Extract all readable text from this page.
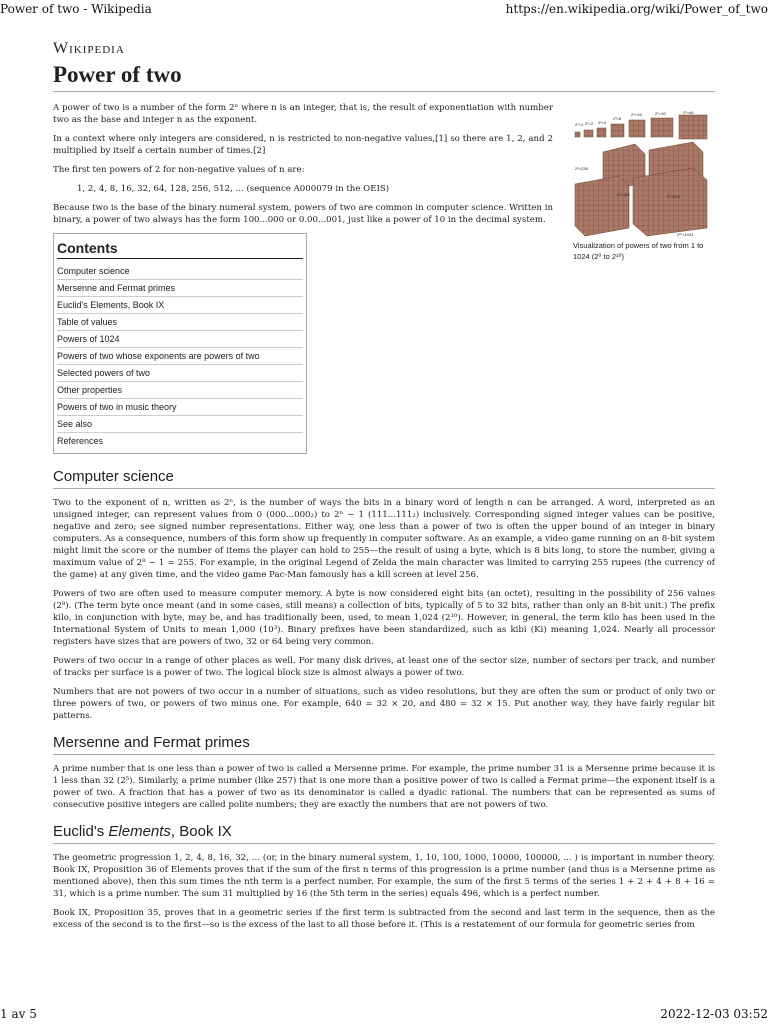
Power of two - Wikipedia	https://en.wikipedia.org/wiki/Power_of_two
Wikipedia
Power of two
2⁰=1 2¹=2 2²=4
2³=8
2⁴=16	2⁵=32	2⁶=64
2⁷=128	2⁹=512
2⁸=256
2¹⁰=1024
Visualization of powers of two from 1 to 1024 (2⁰ to 2¹⁰)

A power of two is a number of the form 2ⁿ where n is an integer, that is, the result of exponentiation with number two as the base and integer n as the exponent.

In a context where only integers are considered, n is restricted to non-negative values,[1] so there are 1, 2, and 2 multiplied by itself a certain number of times.[2]

The first ten powers of 2 for non-negative values of n are:

1, 2, 4, 8, 16, 32, 64, 128, 256, 512, ... (sequence A000079 in the OEIS)

Because two is the base of the binary numeral system, powers of two are common in computer science. Written in binary, a power of two always has the form 100...000 or 0.00...001, just like a power of 10 in the decimal system.

Contents
Computer science
Mersenne and Fermat primes
Euclid's Elements, Book IX
Table of values
Powers of 1024
Powers of two whose exponents are powers of two
Selected powers of two
Other properties
Powers of two in music theory
See also
References
Computer science

Two to the exponent of n, written as 2ⁿ, is the number of ways the bits in a binary word of length n can be arranged. A word, interpreted as an unsigned integer, can represent values from 0 (000...000₂) to 2ⁿ − 1 (111...111₂) inclusively. Corresponding signed integer values can be positive, negative and zero; see signed number representations. Either way, one less than a power of two is often the upper bound of an integer in binary computers. As a consequence, numbers of this form show up frequently in computer software. As an example, a video game running on an 8-bit system might limit the score or the number of items the player can hold to 255—the result of using a byte, which is 8 bits long, to store the number, giving a maximum value of 2⁸ − 1 = 255. For example, in the original Legend of Zelda the main character was limited to carrying 255 rupees (the currency of the game) at any given time, and the video game Pac-Man famously has a kill screen at level 256.

Powers of two are often used to measure computer memory. A byte is now considered eight bits (an octet), resulting in the possibility of 256 values (2⁸). (The term byte once meant (and in some cases, still means) a collection of bits, typically of 5 to 32 bits, rather than only an 8-bit unit.) The prefix kilo, in conjunction with byte, may be, and has traditionally been, used, to mean 1,024 (2¹⁰). However, in general, the term kilo has been used in the International System of Units to mean 1,000 (10³). Binary prefixes have been standardized, such as kibi (Ki) meaning 1,024. Nearly all processor registers have sizes that are powers of two, 32 or 64 being very common.

Powers of two occur in a range of other places as well. For many disk drives, at least one of the sector size, number of sectors per track, and number of tracks per surface is a power of two. The logical block size is almost always a power of two.

Numbers that are not powers of two occur in a number of situations, such as video resolutions, but they are often the sum or product of only two or three powers of two, or powers of two minus one. For example, 640 = 32 × 20, and 480 = 32 × 15. Put another way, they have fairly regular bit patterns.

Mersenne and Fermat primes

A prime number that is one less than a power of two is called a Mersenne prime. For example, the prime number 31 is a Mersenne prime because it is 1 less than 32 (2⁵). Similarly, a prime number (like 257) that is one more than a positive power of two is called a Fermat prime—the exponent itself is a power of two. A fraction that has a power of two as its denominator is called a dyadic rational. The numbers that can be represented as sums of consecutive positive integers are called polite numbers; they are exactly the numbers that are not powers of two.

Euclid's Elements, Book IX

The geometric progression 1, 2, 4, 8, 16, 32, ... (or, in the binary numeral system, 1, 10, 100, 1000, 10000, 100000, ... ) is important in number theory. Book IX, Proposition 36 of Elements proves that if the sum of the first n terms of this progression is a prime number (and thus is a Mersenne prime as mentioned above), then this sum times the nth term is a perfect number. For example, the sum of the first 5 terms of the series 1 + 2 + 4 + 8 + 16 = 31, which is a prime number. The sum 31 multiplied by 16 (the 5th term in the series) equals 496, which is a perfect number.

Book IX, Proposition 35, proves that in a geometric series if the first term is subtracted from the second and last term in the sequence, then as the excess of the second is to the first—so is the excess of the last to all those before it. (This is a restatement of our formula for geometric series from

1 av 5	2022-12-03 03:52
